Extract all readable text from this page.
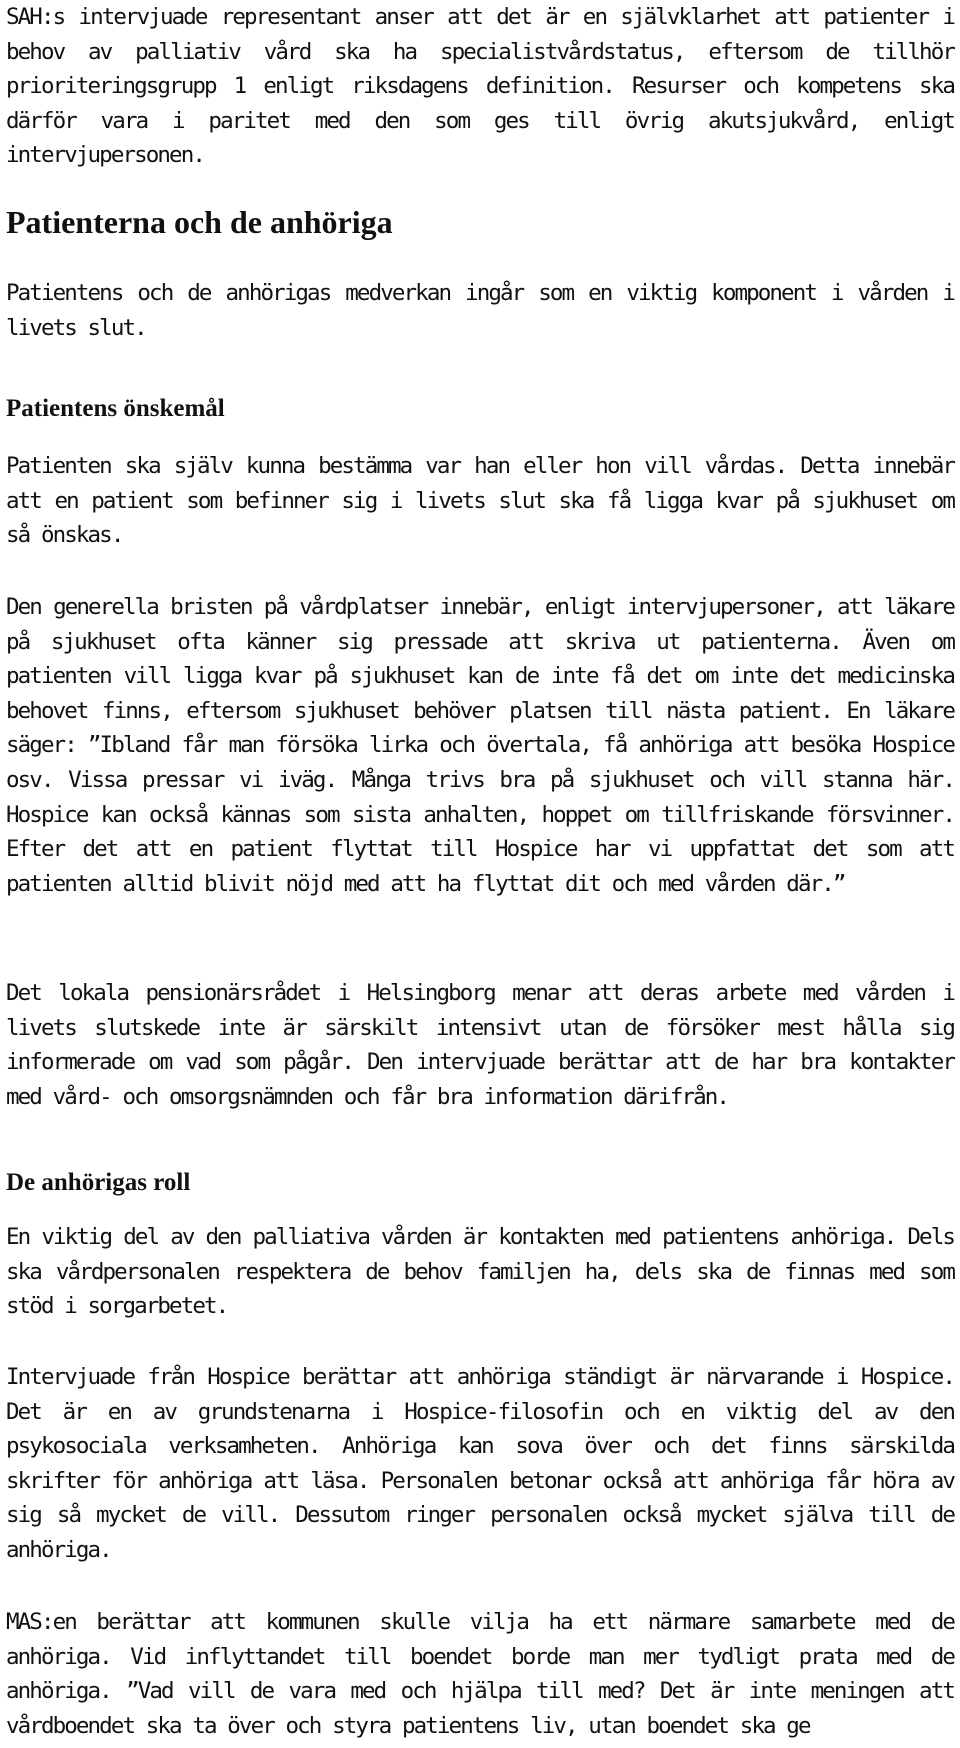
SAH:s intervjuade representant anser att det är en självklarhet att patienter i behov av palliativ vård ska ha specialistvårdstatus, eftersom de tillhör prioriteringsgrupp 1 enligt riksdagens definition. Resurser och kompetens ska därför vara i paritet med den som ges till övrig akutsjukvård, enligt intervjupersonen.

Patienterna och de anhöriga

Patientens och de anhörigas medverkan ingår som en viktig komponent i vården i livets slut.

Patientens önskemål

Patienten ska själv kunna bestämma var han eller hon vill vårdas. Detta innebär att en patient som befinner sig i livets slut ska få ligga kvar på sjukhuset om så önskas.

Den generella bristen på vårdplatser innebär, enligt intervjupersoner, att läkare på sjukhuset ofta känner sig pressade att skriva ut patienterna. Även om patienten vill ligga kvar på sjukhuset kan de inte få det om inte det medicinska behovet finns, eftersom sjukhuset behöver platsen till nästa patient. En läkare säger: ”Ibland får man försöka lirka och övertala, få anhöriga att besöka Hospice osv. Vissa pressar vi iväg. Många trivs bra på sjukhuset och vill stanna här. Hospice kan också kännas som sista anhalten, hoppet om tillfriskande försvinner. Efter det att en patient flyttat till Hospice har vi uppfattat det som att patienten alltid blivit nöjd med att ha flyttat dit och med vården där.”

Det lokala pensionärsrådet i Helsingborg menar att deras arbete med vården i livets slutskede inte är särskilt intensivt utan de försöker mest hålla sig informerade om vad som pågår. Den intervjuade berättar att de har bra kontakter med vård- och omsorgsnämnden och får bra information därifrån.

De anhörigas roll

En viktig del av den palliativa vården är kontakten med patientens anhöriga. Dels ska vårdpersonalen respektera de behov familjen ha, dels ska de finnas med som stöd i sorgarbetet.

Intervjuade från Hospice berättar att anhöriga ständigt är närvarande i Hospice. Det är en av grundstenarna i Hospice-filosofin och en viktig del av den psykosociala verksamheten. Anhöriga kan sova över och det finns särskilda skrifter för anhöriga att läsa. Personalen betonar också att anhöriga får höra av sig så mycket de vill. Dessutom ringer personalen också mycket själva till de anhöriga.

MAS:en berättar att kommunen skulle vilja ha ett närmare samarbete med de anhöriga. Vid inflyttandet till boendet borde man mer tydligt prata med de anhöriga. ”Vad vill de vara med och hjälpa till med? Det är inte meningen att vårdboendet ska ta över och styra patientens liv, utan boendet ska ge
